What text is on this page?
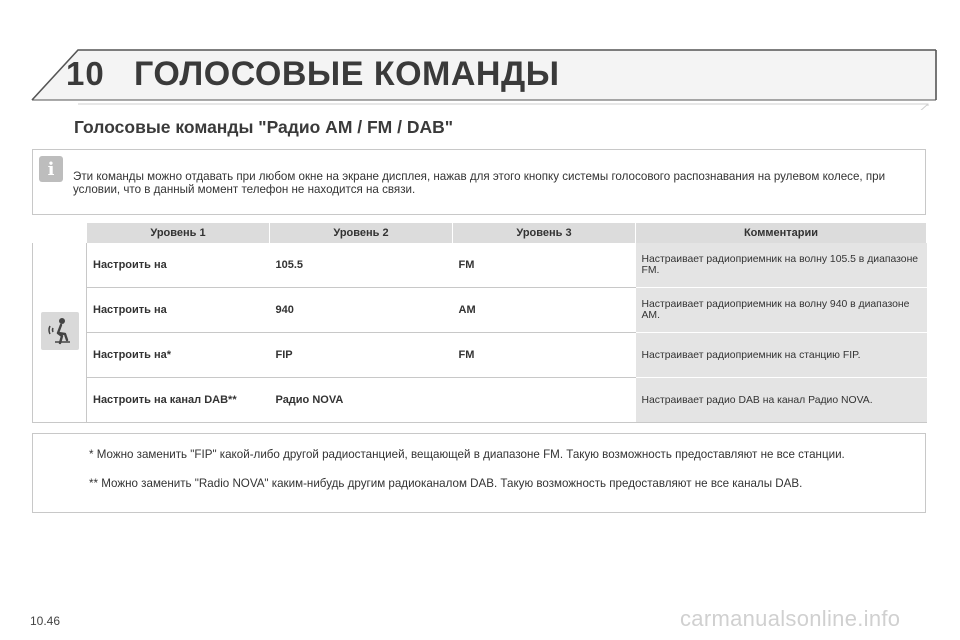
10 ГОЛОСОВЫЕ КОМАНДЫ
Голосовые команды "Радио AM / FM / DAB"
i	Эти команды можно отдавать при любом окне на экране дисплея, нажав для этого кнопку системы голосового распознавания на рулевом колесе, при условии, что в данный момент телефон не находится на связи.
	Уровень 1	Уровень 2	Уровень 3	Комментарии

	Настроить на	105.5	FM	Настраивает радиоприемник на волну 105.5 в диапазоне FM.
	Настроить на	940	AM	Настраивает радиоприемник на волну 940 в диапазоне AM.
	Настроить на*	FIP	FM	Настраивает радиоприемник на станцию FIP.
	Настроить на канал DAB**	Радио NOVA		Настраивает радио DAB на канал Радио NOVA.
* Можно заменить "FIP" какой-либо другой радиостанцией, вещающей в диапазоне FM. Такую возможность предоставляют не все станции.
** Можно заменить "Radio NOVA" каким-нибудь другим радиоканалом DAB. Такую возможность предоставляют не все каналы DAB.
10.46	carmanualsonline.info
